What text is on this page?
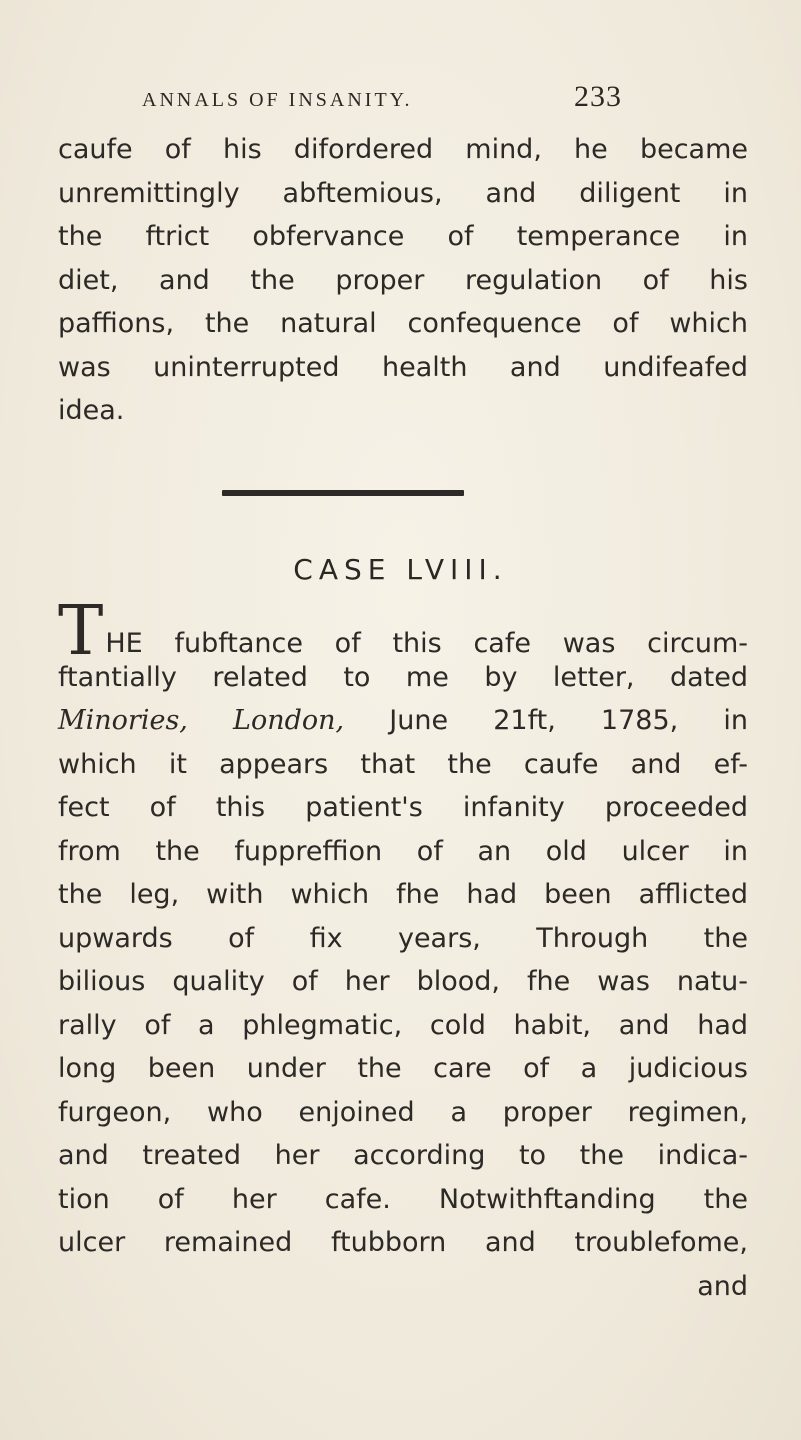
ANNALS OF INSANITY.	233
caufe of his difordered mind, he became
unremittingly abftemious, and diligent in
the ftrict obfervance of temperance in
diet, and the proper regulation of his
paffions, the natural confequence of which
was uninterrupted health and undifeafed
idea.
CASE LVIII.
THE fubftance of this cafe was circum-
ftantially related to me by letter, dated
Minories, London, June 21ft, 1785, in
which it appears that the caufe and ef-
fect of this patient's infanity proceeded
from the fuppreffion of an old ulcer in
the leg, with which fhe had been afflicted
upwards of fix years, Through the
bilious quality of her blood, fhe was natu-
rally of a phlegmatic, cold habit, and had
long been under the care of a judicious
furgeon, who enjoined a proper regimen,
and treated her according to the indica-
tion of her cafe. Notwithftanding the
ulcer remained ftubborn and troublefome,
and
